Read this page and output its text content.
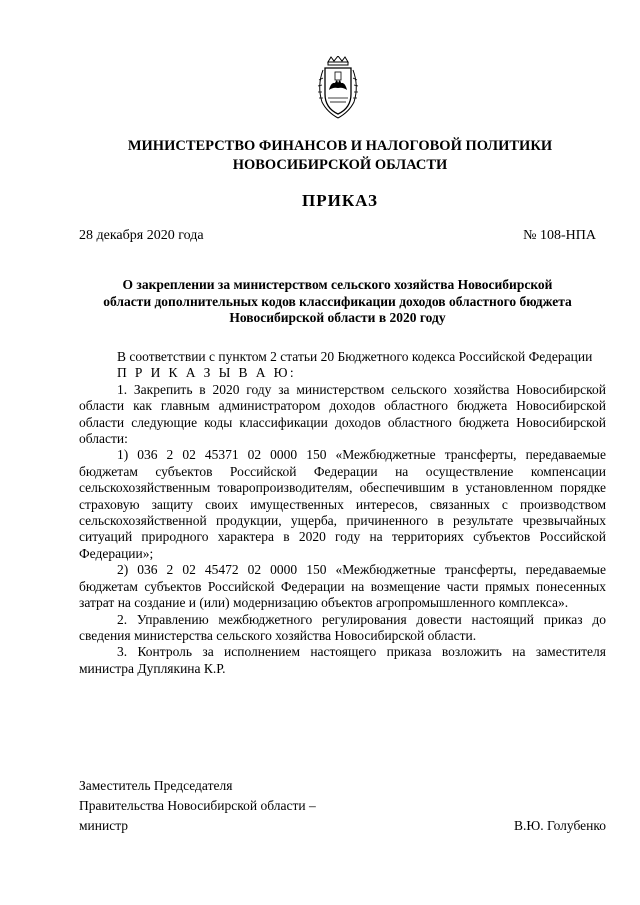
МИНИСТЕРСТВО ФИНАНСОВ И НАЛОГОВОЙ ПОЛИТИКИ
НОВОСИБИРСКОЙ ОБЛАСТИ
ПРИКАЗ
28 декабря 2020 года	№ 108-НПА
О закреплении за министерством сельского хозяйства Новосибирской
области дополнительных кодов классификации доходов областного бюджета
Новосибирской области в 2020 году

В соответствии с пунктом 2 статьи 20 Бюджетного кодекса Российской Федерации

П Р И К А З Ы В А Ю:

1. Закрепить в 2020 году за министерством сельского хозяйства Новосибирской области как главным администратором доходов областного бюджета Новосибирской области следующие коды классификации доходов областного бюджета Новосибирской области:

1) 036 2 02 45371 02 0000 150 «Межбюджетные трансферты, передаваемые бюджетам субъектов Российской Федерации на осуществление компенсации сельскохозяйственным товаропроизводителям, обеспечившим в установленном порядке страховую защиту своих имущественных интересов, связанных с производством сельскохозяйственной продукции, ущерба, причиненного в результате чрезвычайных ситуаций природного характера в 2020 году на территориях субъектов Российской Федерации»;

2) 036 2 02 45472 02 0000 150 «Межбюджетные трансферты, передаваемые бюджетам субъектов Российской Федерации на возмещение части прямых понесенных затрат на создание и (или) модернизацию объектов агропромышленного комплекса».

2. Управлению межбюджетного регулирования довести настоящий приказ до сведения министерства сельского хозяйства Новосибирской области.

3. Контроль за исполнением настоящего приказа возложить на заместителя министра Дуплякина К.Р.

Заместитель Председателя
Правительства Новосибирской области –
министр	В.Ю. Голубенко
